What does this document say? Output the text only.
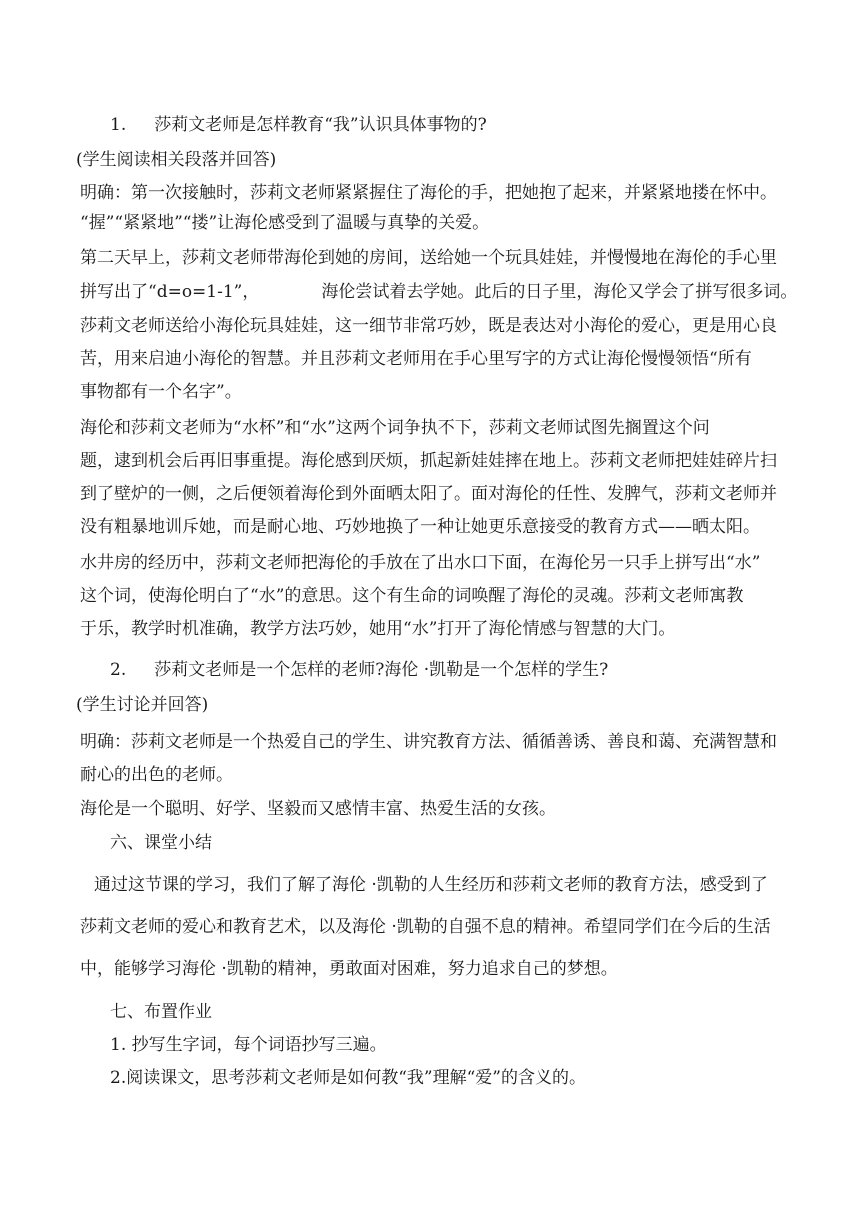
1. 莎莉文老师是怎样教育“我”认识具体事物的?
(学生阅读相关段落并回答)
明确：第一次接触时，莎莉文老师紧紧握住了海伦的手，把她抱了起来，并紧紧地搂在怀中。
“握”“紧紧地”“搂”让海伦感受到了温暖与真挚的关爱。
第二天早上，莎莉文老师带海伦到她的房间，送给她一个玩具娃娃，并慢慢地在海伦的手心里
拼写出了“d=o=1-1”，	海伦尝试着去学她。此后的日子里，海伦又学会了拼写很多词。
莎莉文老师送给小海伦玩具娃娃，这一细节非常巧妙，既是表达对小海伦的爱心，更是用心良
苦，用来启迪小海伦的智慧。并且莎莉文老师用在手心里写字的方式让海伦慢慢领悟“所有
事物都有一个名字”。
海伦和莎莉文老师为“水杯”和“水”这两个词争执不下，莎莉文老师试图先搁置这个问
题，逮到机会后再旧事重提。海伦感到厌烦，抓起新娃娃摔在地上。莎莉文老师把娃娃碎片扫
到了壁炉的一侧，之后便领着海伦到外面晒太阳了。面对海伦的任性、发脾气，莎莉文老师并
没有粗暴地训斥她，而是耐心地、巧妙地换了一种让她更乐意接受的教育方式——晒太阳。
水井房的经历中，莎莉文老师把海伦的手放在了出水口下面，在海伦另一只手上拼写出“水”
这个词，使海伦明白了“水”的意思。这个有生命的词唤醒了海伦的灵魂。莎莉文老师寓教
于乐，教学时机准确，教学方法巧妙，她用“水”打开了海伦情感与智慧的大门。
2. 莎莉文老师是一个怎样的老师?海伦 ·凯勒是一个怎样的学生?
(学生讨论并回答)
明确：莎莉文老师是一个热爱自己的学生、讲究教育方法、循循善诱、善良和蔼、充满智慧和
耐心的出色的老师。
海伦是一个聪明、好学、坚毅而又感情丰富、热爱生活的女孩。
六、课堂小结
通过这节课的学习，我们了解了海伦 ·凯勒的人生经历和莎莉文老师的教育方法，感受到了
莎莉文老师的爱心和教育艺术，以及海伦 ·凯勒的自强不息的精神。希望同学们在今后的生活
中，能够学习海伦 ·凯勒的精神，勇敢面对困难，努力追求自己的梦想。
七、布置作业
1. 抄写生字词，每个词语抄写三遍。
2.阅读课文，思考莎莉文老师是如何教“我”理解“爱”的含义的。
